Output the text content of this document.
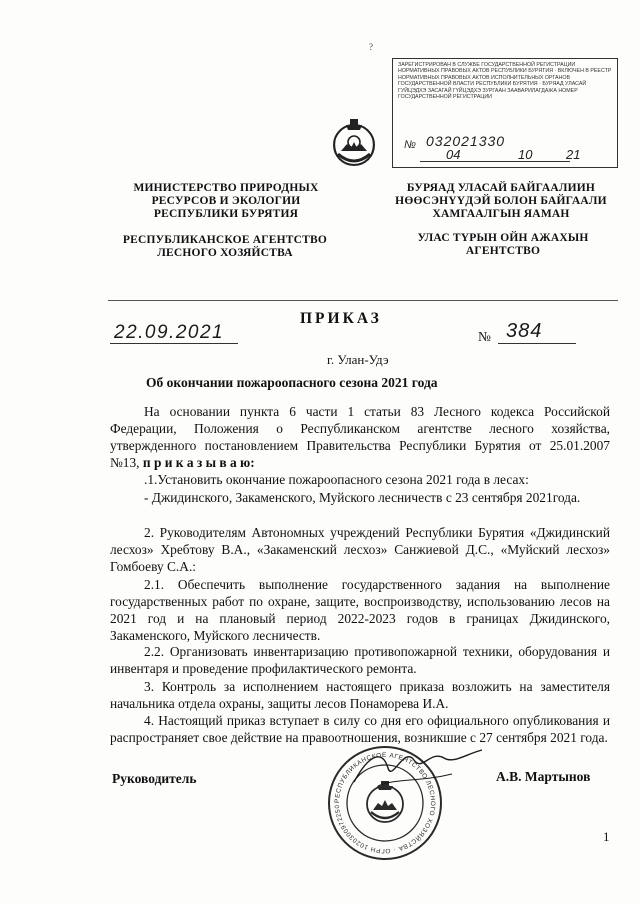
?
ЗАРЕГИСТРИРОВАН В СЛУЖБЕ ГОСУДАРСТВЕННОЙ РЕГИСТРАЦИИ НОРМАТИВНЫХ ПРАВОВЫХ АКТОВ РЕСПУБЛИКИ БУРЯТИЯ · ВКЛЮЧЕН В РЕЕСТР НОРМАТИВНЫХ ПРАВОВЫХ АКТОВ ИСПОЛНИТЕЛЬНЫХ ОРГАНОВ ГОСУДАРСТВЕННОЙ ВЛАСТИ РЕСПУБЛИКИ БУРЯТИЯ · БУРЯАД УЛАСАЙ ГУЙЦЭДХЭ ЗАСАГАЙ ГҮЙЦЭДХЭ ЗУРГААН ЗААВАРИЛАГДАЖА НОМЕР ГОСУДАРСТВЕННОЙ РЕГИСТРАЦИИ
№ 032021330
04	10	21
МИНИСТЕРСТВО ПРИРОДНЫХ РЕСУРСОВ И ЭКОЛОГИИ РЕСПУБЛИКИ БУРЯТИЯ
РЕСПУБЛИКАНСКОЕ АГЕНТСТВО ЛЕСНОГО ХОЗЯЙСТВА
БУРЯАД УЛАСАЙ БАЙГААЛИИН НӨӨСЭНҮҮДЭЙ БОЛОН БАЙГААЛИ ХАМГААЛГЫН ЯАМАН
УЛАС ТҮРЫН ОЙН АЖАХЫН АГЕНТСТВО
ПРИКАЗ
22.09.2021	№ 384
г. Улан-Удэ
Об окончании пожароопасного сезона 2021 года
На основании пункта 6 части 1 статьи 83 Лесного кодекса Российской Федерации, Положения о Республиканском агентстве лесного хозяйства, утвержденного постановлением Правительства Республики Бурятия от 25.01.2007 №13, п р и к а з ы в а ю:
.1.Установить окончание пожароопасного сезона 2021 года в лесах:
- Джидинского, Закаменского, Муйского лесничеств с 23 сентября 2021года.
2. Руководителям Автономных учреждений Республики Бурятия «Джидинский лесхоз» Хребтову В.А., «Закаменский лесхоз» Санжиевой Д.С., «Муйский лесхоз» Гомбоеву С.А.:
2.1. Обеспечить выполнение государственного задания на выполнение государственных работ по охране, защите, воспроизводству, использованию лесов на 2021 год и на плановый период 2022-2023 годов в границах Джидинского, Закаменского, Муйского лесничеств.
2.2. Организовать инвентаризацию противопожарной техники, оборудования и инвентаря и проведение профилактического ремонта.
3. Контроль за исполнением настоящего приказа возложить на заместителя начальника отдела охраны, защиты лесов Понаморева И.А.
4. Настоящий приказ вступает в силу со дня его официального опубликования и распространяет свое действие на правоотношения, возникшие с 27 сентября 2021 года.
Руководитель	А.В. Мартынов
РЕСПУБЛИКАНСКОЕ АГЕНТСТВО ЛЕСНОГО ХОЗЯЙСТВА · ОГРН 1020300972250
1
